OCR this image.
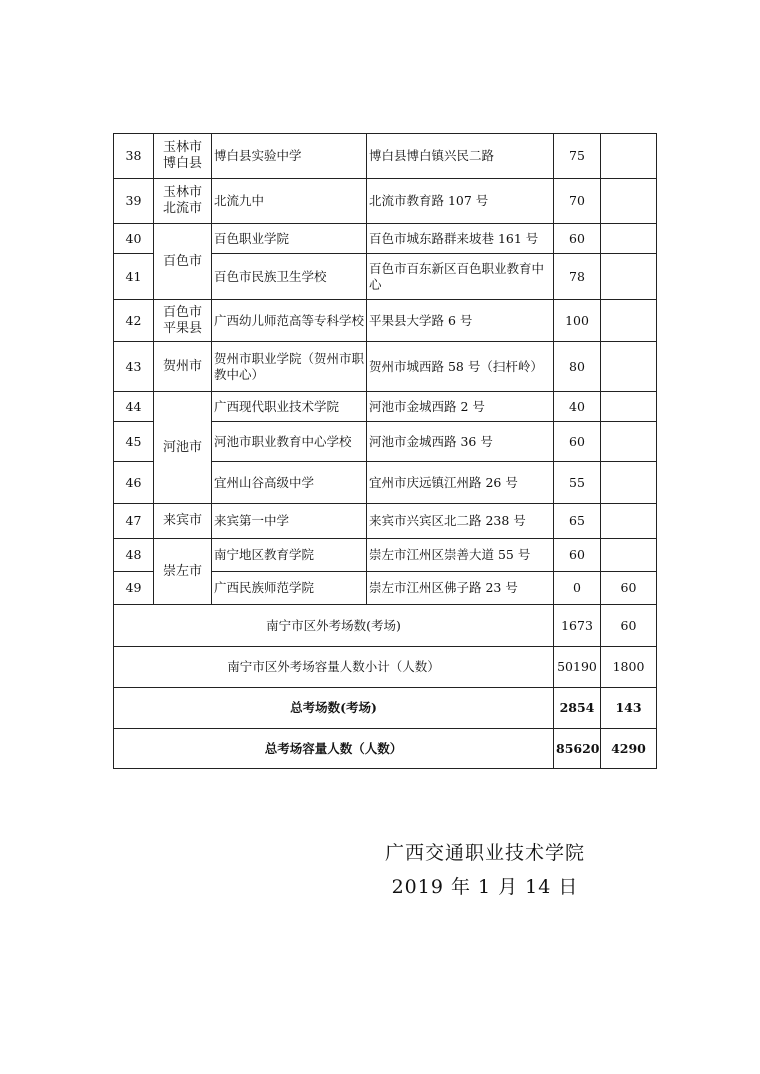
38	玉林市 博白县	博白县实验中学	博白县博白镇兴民二路	75	
39	玉林市 北流市	北流九中	北流市教育路 107 号	70	
40	百色市	百色职业学院	百色市城东路群来坡巷 161 号	60	
41		百色市民族卫生学校	百色市百东新区百色职业教育中心	78	
42	百色市 平果县	广西幼儿师范高等专科学校	平果县大学路 6 号	100	
43	贺州市	贺州市职业学院（贺州市职教中心）	贺州市城西路 58 号（扫杆岭）	80	
44	河池市	广西现代职业技术学院	河池市金城西路 2 号	40	
45		河池市职业教育中心学校	河池市金城西路 36 号	60	
46		宜州山谷高级中学	宜州市庆远镇江州路 26 号	55	
47	来宾市	来宾第一中学	来宾市兴宾区北二路 238 号	65	
48	崇左市	南宁地区教育学院	崇左市江州区崇善大道 55 号	60	
49		广西民族师范学院	崇左市江州区佛子路 23 号	0	60
南宁市区外考场数(考场)				1673	60
南宁市区外考场容量人数小计（人数）				50190	1800
总考场数(考场)				2854	143
总考场容量人数（人数）				85620	4290
广西交通职业技术学院
2019 年 1 月 14 日
